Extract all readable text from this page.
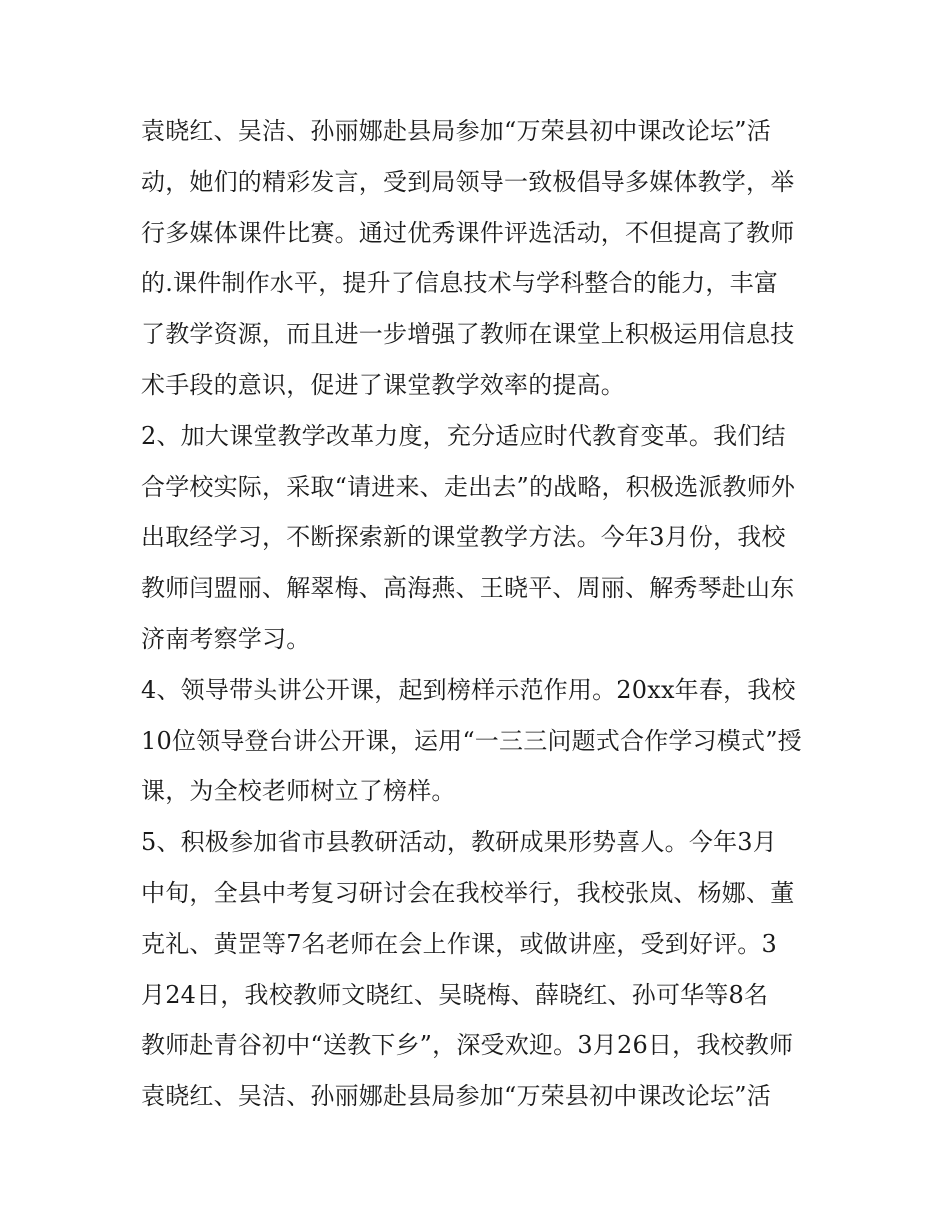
袁晓红、吴洁、孙丽娜赴县局参加“万荣县初中课改论坛”活
动，她们的精彩发言，受到局领导一致极倡导多媒体教学，举
行多媒体课件比赛。通过优秀课件评选活动，不但提高了教师
的.课件制作水平，提升了信息技术与学科整合的能力，丰富
了教学资源，而且进一步增强了教师在课堂上积极运用信息技
术手段的意识，促进了课堂教学效率的提高。
2、加大课堂教学改革力度，充分适应时代教育变革。我们结
合学校实际，采取“请进来、走出去”的战略，积极选派教师外
出取经学习，不断探索新的课堂教学方法。今年3月份，我校
教师闫盟丽、解翠梅、高海燕、王晓平、周丽、解秀琴赴山东
济南考察学习。
4、领导带头讲公开课，起到榜样示范作用。20xx年春，我校
10位领导登台讲公开课，运用“一三三问题式合作学习模式”授
课，为全校老师树立了榜样。
5、积极参加省市县教研活动，教研成果形势喜人。今年3月
中旬，全县中考复习研讨会在我校举行，我校张岚、杨娜、董
克礼、黄罡等7名老师在会上作课，或做讲座，受到好评。3
月24日，我校教师文晓红、吴晓梅、薛晓红、孙可华等8名
教师赴青谷初中“送教下乡”，深受欢迎。3月26日，我校教师
袁晓红、吴洁、孙丽娜赴县局参加“万荣县初中课改论坛”活
